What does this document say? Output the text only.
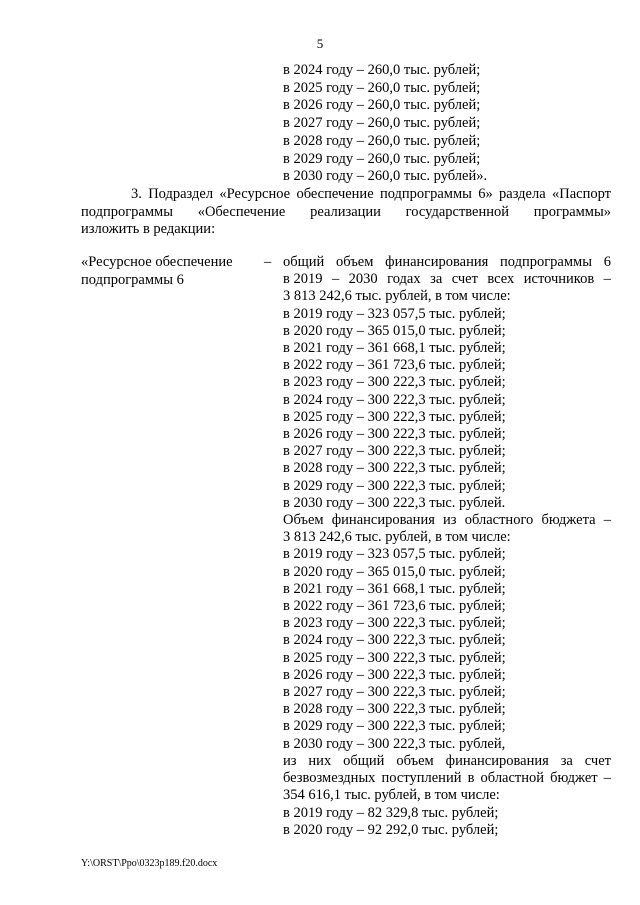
5
в 2024 году – 260,0 тыс. рублей;
в 2025 году – 260,0 тыс. рублей;
в 2026 году – 260,0 тыс. рублей;
в 2027 году – 260,0 тыс. рублей;
в 2028 году – 260,0 тыс. рублей;
в 2029 году – 260,0 тыс. рублей;
в 2030 году – 260,0 тыс. рублей».
3. Подраздел «Ресурсное обеспечение подпрограммы 6» раздела «Паспорт
подпрограммы «Обеспечение реализации государственной программы»
изложить в редакции:
«Ресурсное обеспечение
подпрограммы 6
– общий объем финансирования подпрограммы 6
в 2019 – 2030 годах за счет всех источников –
3 813 242,6 тыс. рублей, в том числе:
в 2019 году – 323 057,5 тыс. рублей;
в 2020 году – 365 015,0 тыс. рублей;
в 2021 году – 361 668,1 тыс. рублей;
в 2022 году – 361 723,6 тыс. рублей;
в 2023 году – 300 222,3 тыс. рублей;
в 2024 году – 300 222,3 тыс. рублей;
в 2025 году – 300 222,3 тыс. рублей;
в 2026 году – 300 222,3 тыс. рублей;
в 2027 году – 300 222,3 тыс. рублей;
в 2028 году – 300 222,3 тыс. рублей;
в 2029 году – 300 222,3 тыс. рублей;
в 2030 году – 300 222,3 тыс. рублей.
Объем финансирования из областного бюджета –
3 813 242,6 тыс. рублей, в том числе:
в 2019 году – 323 057,5 тыс. рублей;
в 2020 году – 365 015,0 тыс. рублей;
в 2021 году – 361 668,1 тыс. рублей;
в 2022 году – 361 723,6 тыс. рублей;
в 2023 году – 300 222,3 тыс. рублей;
в 2024 году – 300 222,3 тыс. рублей;
в 2025 году – 300 222,3 тыс. рублей;
в 2026 году – 300 222,3 тыс. рублей;
в 2027 году – 300 222,3 тыс. рублей;
в 2028 году – 300 222,3 тыс. рублей;
в 2029 году – 300 222,3 тыс. рублей;
в 2030 году – 300 222,3 тыс. рублей,
из них общий объем финансирования за счет
безвозмездных поступлений в областной бюджет –
354 616,1 тыс. рублей, в том числе:
в 2019 году – 82 329,8 тыс. рублей;
в 2020 году – 92 292,0 тыс. рублей;
Y:\ORST\Ppo\0323p189.f20.docx
